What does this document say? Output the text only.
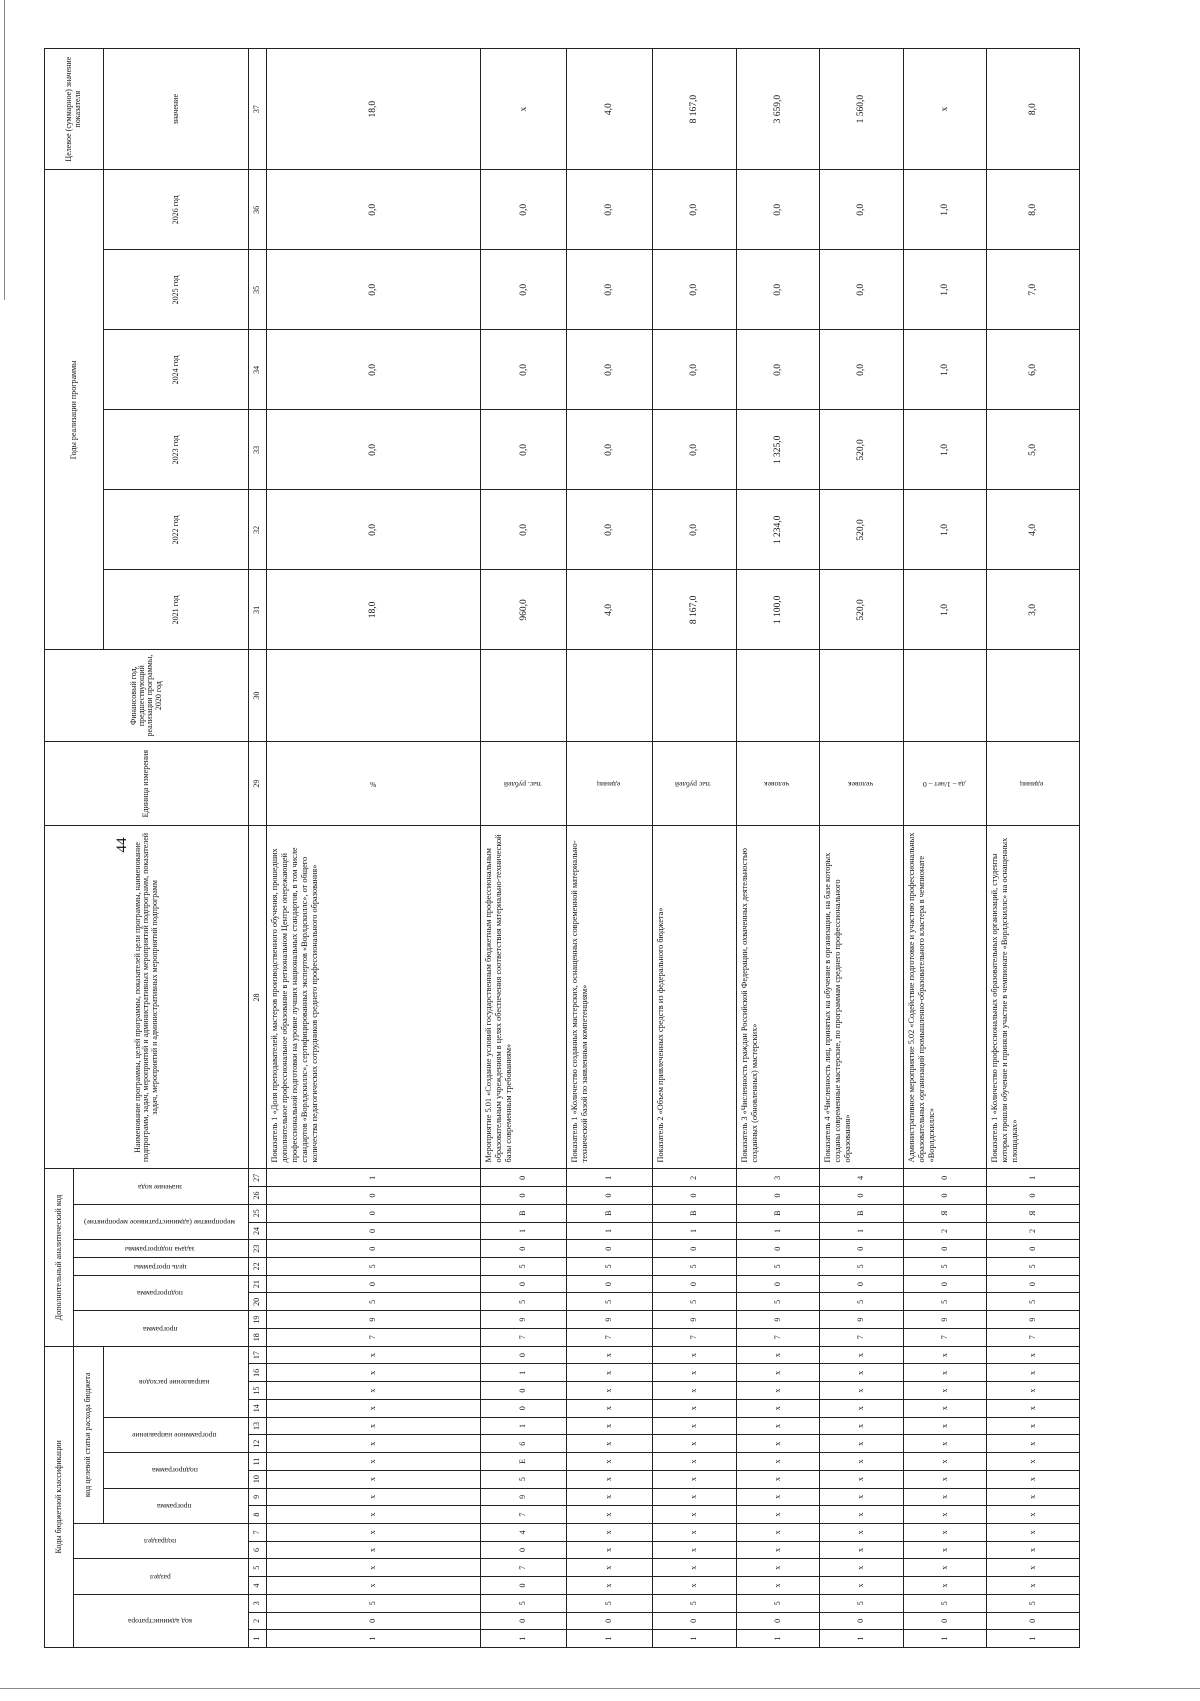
44
Коды бюджетной классификации																	Дополнительный аналитический код										Наименование программы, целей программы, показателей цели программы, наименование подпрограмм, задач, мероприятий и административных мероприятий подпрограмм, показателей задач, мероприятий и административных мероприятий подпрограмм	Единица измерения	Финансовый год, предшествующий реализации программы, 2020 год	Годы реализации программы						Целевое (суммарное) значение показателя
код администратора			раздел		подраздел		код целевой статьи расхода бюджета										программа		подпрограмма		цель программы	задача подпрограммы	мероприятие (административное мероприятие)		значение кода											
							программа		подпрограмма		программное направление		направление расходов																	2021 год	2022 год	2023 год	2024 год	2025 год	2026 год	значение

1	2	3	4	5	6	7	8	9	10	11	12	13	14	15	16	17	18	19	20	21	22	23	24	25	26	27	28	29	30	31	32	33	34	35	36	37
1	0	5	х	х	х	х	х	х	х	х	х	х	х	х	х	х	7	9	5	0	5	0	0	0	0	1	Показатель 1 «Доля преподавателей, мастеров производственного обучения, прошедших дополнительное профессиональное образование в региональном Центре опережающей профессиональной подготовки на уровне лучших национальных стандартов, в том числе стандартов «Ворлдскиллс», сертифицированных экспертов «Ворлдскиллс», от общего количества педагогических сотрудников среднего профессионального образования»	%		18,0	0,0	0,0	0,0	0,0	0,0	18,0
1	0	5	0	7	0	4	7	9	5	Е	6	1	0	0	1	0	7	9	5	0	5	0	1	В	0	0	Мероприятие 5.01 «Создание условий государственным бюджетным профессиональным образовательным учреждениям в целях обеспечения соответствия материально-технической базы современным требованиям»	тыс. рублей		960,0	0,0	0,0	0,0	0,0	0,0	х
1	0	5	х	х	х	х	х	х	х	х	х	х	х	х	х	х	7	9	5	0	5	0	1	В	0	1	Показатель 1 «Количество созданных мастерских, оснащенных современной материально-технической базой по заявленным компетенциям»	единиц		4,0	0,0	0,0	0,0	0,0	0,0	4,0
1	0	5	х	х	х	х	х	х	х	х	х	х	х	х	х	х	7	9	5	0	5	0	1	В	0	2	Показатель 2 «Объем привлеченных средств из федерального бюджета»	тыс рублей		8 167,0	0,0	0,0	0,0	0,0	0,0	8 167,0
1	0	5	х	х	х	х	х	х	х	х	х	х	х	х	х	х	7	9	5	0	5	0	1	В	0	3	Показатель 3 «Численность граждан Российской Федерации, охваченных деятельностью созданных (обновленных) мастерских»	человек		1 100,0	1 234,0	1 325,0	0,0	0,0	0,0	3 659,0
1	0	5	х	х	х	х	х	х	х	х	х	х	х	х	х	х	7	9	5	0	5	0	1	В	0	4	Показатель 4 «Численность лиц, принятых на обучение в организации, на базе которых созданы современные мастерские, по программам среднего профессионального образования»	человек		520,0	520,0	520,0	0,0	0,0	0,0	1 560,0
1	0	5	х	х	х	х	х	х	х	х	х	х	х	х	х	х	7	9	5	0	5	0	2	Я	0	0	Административное мероприятие 5.02 «Содействие подготовке и участию профессиональных образовательных организаций промышленно-образовательного кластера в чемпионате «Ворлдскиллс»	да – 1/нет – 0		1,0	1,0	1,0	1,0	1,0	1,0	х
1	0	5	х	х	х	х	х	х	х	х	х	х	х	х	х	х	7	9	5	0	5	0	2	Я	0	1	Показатель 1 «Количество профессиональных образовательных организаций, студенты которых прошли обучение и приняли участие в чемпионате «Ворлдскиллс» на оснащенных площадках»	единиц		3,0	4,0	5,0	6,0	7,0	8,0	8,0
